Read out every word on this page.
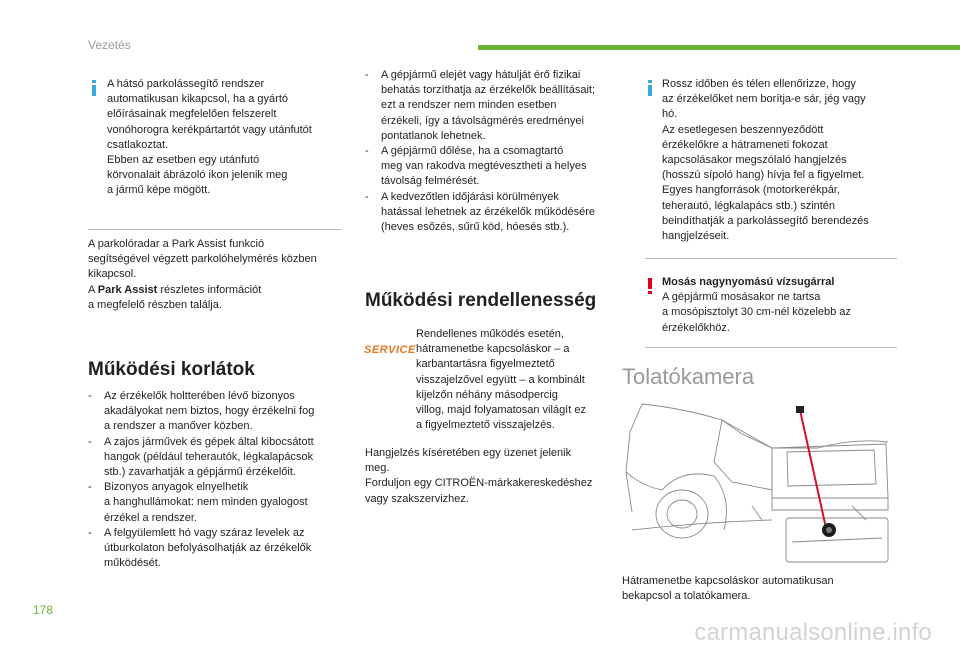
Vezetés

A hátsó parkolássegítő rendszer

automatikusan kikapcsol, ha a gyártó

előírásainak megfelelően felszerelt

vonóhorogra kerékpártartót vagy utánfutót

csatlakoztat.

Ebben az esetben egy utánfutó

körvonalait ábrázoló ikon jelenik meg

a jármű képe mögött.

A parkolóradar a Park Assist funkció

segítségével végzett parkolóhelymérés közben

kikapcsol.

A Park Assist részletes információt

a megfelelő részben találja.

Működési korlátok

- Az érzékelők holtterében lévő bizonyos

akadályokat nem biztos, hogy érzékelni fog

a rendszer a manőver közben.

- A zajos járművek és gépek által kibocsátott

hangok (például teherautók, légkalapácsok

stb.) zavarhatják a gépjármű érzékelőit.

- Bizonyos anyagok elnyelhetik

a hanghullámokat: nem minden gyalogost

érzékel a rendszer.

- A felgyülemlett hó vagy száraz levelek az

útburkolaton befolyásolhatják az érzékelők

működését.

- A gépjármű elejét vagy hátulját érő fizikai

behatás torzíthatja az érzékelők beállításait;

ezt a rendszer nem minden esetben

érzékeli, így a távolságmérés eredményei

pontatlanok lehetnek.

- A gépjármű dőlése, ha a csomagtartó

meg van rakodva megtévesztheti a helyes

távolság felmérését.

- A kedvezőtlen időjárási körülmények

hatással lehetnek az érzékelők működésére

(heves esőzés, sűrű köd, hóesés stb.).

Működési rendellenesség
SERVICE

Rendellenes működés esetén,

hátramenetbe kapcsoláskor – a

karbantartásra figyelmeztető

visszajelzővel együtt – a kombinált

kijelzőn néhány másodpercig

villog, majd folyamatosan világít ez

a figyelmeztető visszajelzés.

Hangjelzés kíséretében egy üzenet jelenik

meg.

Forduljon egy CITROËN-márkakereskedéshez

vagy szakszervizhez.

Rossz időben és télen ellenőrizze, hogy

az érzékelőket nem borítja-e sár, jég vagy

hó.

Az esetlegesen beszennyeződött

érzékelőkre a hátrameneti fokozat

kapcsolásakor megszólaló hangjelzés

(hosszú sípoló hang) hívja fel a figyelmet.

Egyes hangforrások (motorkerékpár,

teherautó, légkalapács stb.) szintén

beindíthatják a parkolássegítő berendezés

hangjelzéseit.

Mosás nagynyomású vízsugárral

A gépjármű mosásakor ne tartsa

a mosópisztolyt 30 cm-nél közelebb az

érzékelőkhöz.

Tolatókamera

Hátramenetbe kapcsoláskor automatikusan

bekapcsol a tolatókamera.

178
carmanualsonline.info
